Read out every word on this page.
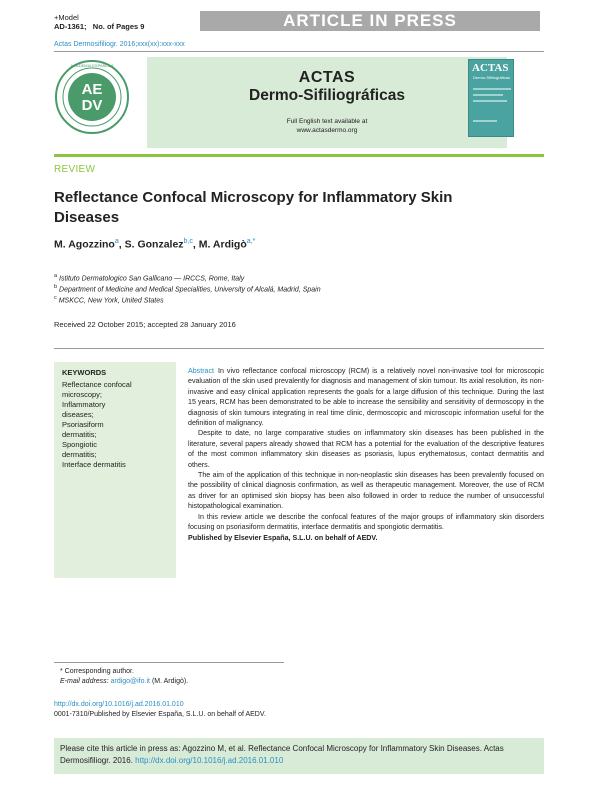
+Model
AD-1361; No. of Pages 9	ARTICLE IN PRESS
Actas Dermosifiliogr. 2016;xxx(xx):xxx-xxx
AE
DV
ACADEMIA ESPAÑOLA
ACTAS
Dermo-Sifiliográficas
Full English text available at
www.actasdermo.org
ACTAS
Dermo-Sifiliográficas
REVIEW
Reflectance Confocal Microscopy for Inflammatory Skin Diseases
M. Agozzino$^a$, S. Gonzalez$^{b,c}$, M. Ardigò$^{a,*}$
$^a$ Istituto Dermatologico San Gallicano — IRCCS, Rome, Italy
$^b$ Department of Medicine and Medical Specialities, University of Alcalá, Madrid, Spain
$^c$ MSKCC, New York, United States
Received 22 October 2015; accepted 28 January 2016
KEYWORDS
Reflectance confocal
microscopy;
Inflammatory
diseases;
Psoriasiform
dermatitis;
Spongiotic
dermatitis;
Interface dermatitis

Abstract In vivo reflectance confocal microscopy (RCM) is a relatively novel non-invasive tool for microscopic evaluation of the skin used prevalently for diagnosis and management of skin tumour. Its axial resolution, its non-invasive and easy clinical application represents the goals for a large diffusion of this technique. During the last 15 years, RCM has been demonstrated to be able to increase the sensibility and sensitivity of dermoscopy in the diagnosis of skin tumours integrating in real time clinic, dermoscopic and microscopic information useful for the definition of malignancy.

Despite to date, no large comparative studies on inflammatory skin diseases has been published in the literature, several papers already showed that RCM has a potential for the evaluation of the descriptive features of the most common inflammatory skin diseases as psoriasis, lupus erythematosus, contact dermatitis and others.

The aim of the application of this technique in non-neoplastic skin diseases has been prevalently focused on the possibility of clinical diagnosis confirmation, as well as therapeutic management. Moreover, the use of RCM as driver for an optimised skin biopsy has been also followed in order to reduce the number of unsuccessful histopathological examination.

In this review article we describe the confocal features of the major groups of inflammatory skin disorders focusing on psoriasiform dermatitis, interface dermatitis and spongiotic dermatitis.

Published by Elsevier España, S.L.U. on behalf of AEDV.

* Corresponding author.
E-mail address: ardigo@ifo.it (M. Ardigò).
http://dx.doi.org/10.1016/j.ad.2016.01.010
0001-7310/Published by Elsevier España, S.L.U. on behalf of AEDV.
Please cite this article in press as: Agozzino M, et al. Reflectance Confocal Microscopy for Inflammatory Skin Diseases. Actas Dermosifiliogr. 2016. http://dx.doi.org/10.1016/j.ad.2016.01.010
